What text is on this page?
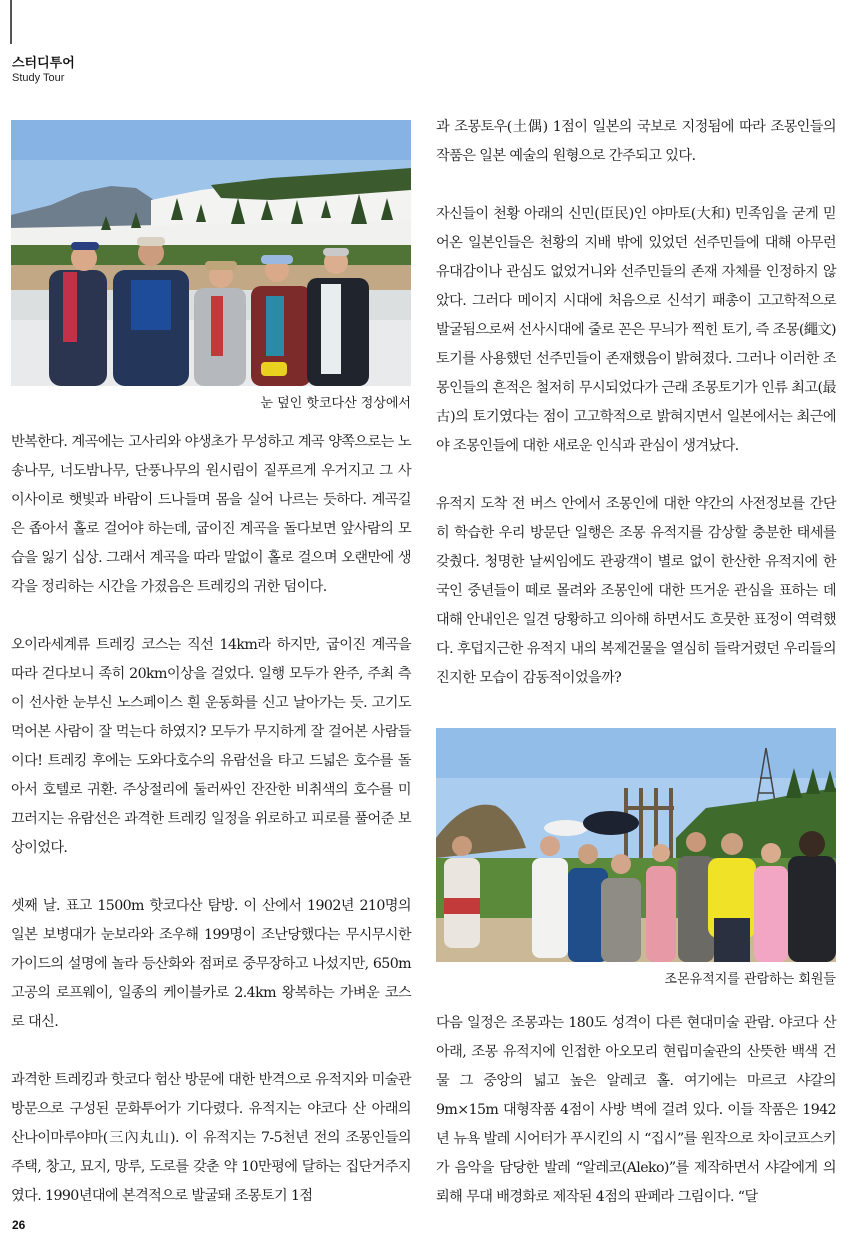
스터디투어
Study Tour
눈 덮인 핫코다산 정상에서

반복한다. 계곡에는 고사리와 야생초가 무성하고 계곡 양쪽으로는 노송나무, 너도밤나무, 단풍나무의 원시림이 짙푸르게 우거지고 그 사이사이로 햇빛과 바람이 드나들며 몸을 실어 나르는 듯하다. 계곡길은 좁아서 홀로 걸어야 하는데, 굽이진 계곡을 돌다보면 앞사람의 모습을 잃기 십상. 그래서 계곡을 따라 말없이 홀로 걸으며 오랜만에 생각을 정리하는 시간을 가졌음은 트레킹의 귀한 덤이다.

오이라세계류 트레킹 코스는 직선 14km라 하지만, 굽이진 계곡을 따라 걷다보니 족히 20km이상을 걸었다. 일행 모두가 완주, 주최 측이 선사한 눈부신 노스페이스 흰 운동화를 신고 날아가는 듯. 고기도 먹어본 사람이 잘 먹는다 하였지? 모두가 무지하게 잘 걸어본 사람들이다! 트레킹 후에는 도와다호수의 유람선을 타고 드넓은 호수를 돌아서 호텔로 귀환. 주상절리에 둘러싸인 잔잔한 비취색의 호수를 미끄러지는 유람선은 과격한 트레킹 일정을 위로하고 피로를 풀어준 보상이었다.

셋째 날. 표고 1500m 핫코다산 탐방. 이 산에서 1902년 210명의 일본 보병대가 눈보라와 조우해 199명이 조난당했다는 무시무시한 가이드의 설명에 놀라 등산화와 점퍼로 중무장하고 나섰지만, 650m 고공의 로프웨이, 일종의 케이블카로 2.4km 왕복하는 가벼운 코스로 대신.

과격한 트레킹과 핫코다 험산 방문에 대한 반격으로 유적지와 미술관 방문으로 구성된 문화투어가 기다렸다. 유적지는 야코다 산 아래의 산나이마루야마(三內丸山). 이 유적지는 7-5천년 전의 조몽인들의 주택, 창고, 묘지, 망루, 도로를 갖춘 약 10만평에 달하는 집단거주지였다. 1990년대에 본격적으로 발굴돼 조몽토기 1점

과 조몽토우(土偶) 1점이 일본의 국보로 지정됨에 따라 조몽인들의 작품은 일본 예술의 원형으로 간주되고 있다.

자신들이 천황 아래의 신민(臣民)인 야마토(大和) 민족임을 굳게 믿어온 일본인들은 천황의 지배 밖에 있었던 선주민들에 대해 아무런 유대감이나 관심도 없었거니와 선주민들의 존재 자체를 인정하지 않았다. 그러다 메이지 시대에 처음으로 신석기 패총이 고고학적으로 발굴됨으로써 선사시대에 줄로 꼰은 무늬가 찍힌 토기, 즉 조몽(繩文)토기를 사용했던 선주민들이 존재했음이 밝혀졌다. 그러나 이러한 조몽인들의 흔적은 철저히 무시되었다가 근래 조몽토기가 인류 최고(最古)의 토기였다는 점이 고고학적으로 밝혀지면서 일본에서는 최근에야 조몽인들에 대한 새로운 인식과 관심이 생겨났다.

유적지 도착 전 버스 안에서 조몽인에 대한 약간의 사전정보를 간단히 학습한 우리 방문단 일행은 조몽 유적지를 감상할 충분한 태세를 갖췄다. 청명한 날씨임에도 관광객이 별로 없이 한산한 유적지에 한국인 중년들이 떼로 몰려와 조몽인에 대한 뜨거운 관심을 표하는 데 대해 안내인은 일견 당황하고 의아해 하면서도 흐뭇한 표정이 역력했다. 후덥지근한 유적지 내의 복제건물을 열심히 들락거렸던 우리들의 진지한 모습이 감동적이었을까?

조몬유적지를 관람하는 회원들

다음 일정은 조몽과는 180도 성격이 다른 현대미술 관람. 야코다 산 아래, 조몽 유적지에 인접한 아오모리 현립미술관의 산뜻한 백색 건물 그 중앙의 넓고 높은 알레코 홀. 여기에는 마르코 샤갈의 9m×15m 대형작품 4점이 사방 벽에 걸려 있다. 이들 작품은 1942년 뉴욕 발레 시어터가 푸시킨의 시 “집시”를 원작으로 차이코프스키가 음악을 담당한 발레 “알레코(Aleko)”를 제작하면서 샤갈에게 의뢰해 무대 배경화로 제작된 4점의 판페라 그림이다. “달

26
